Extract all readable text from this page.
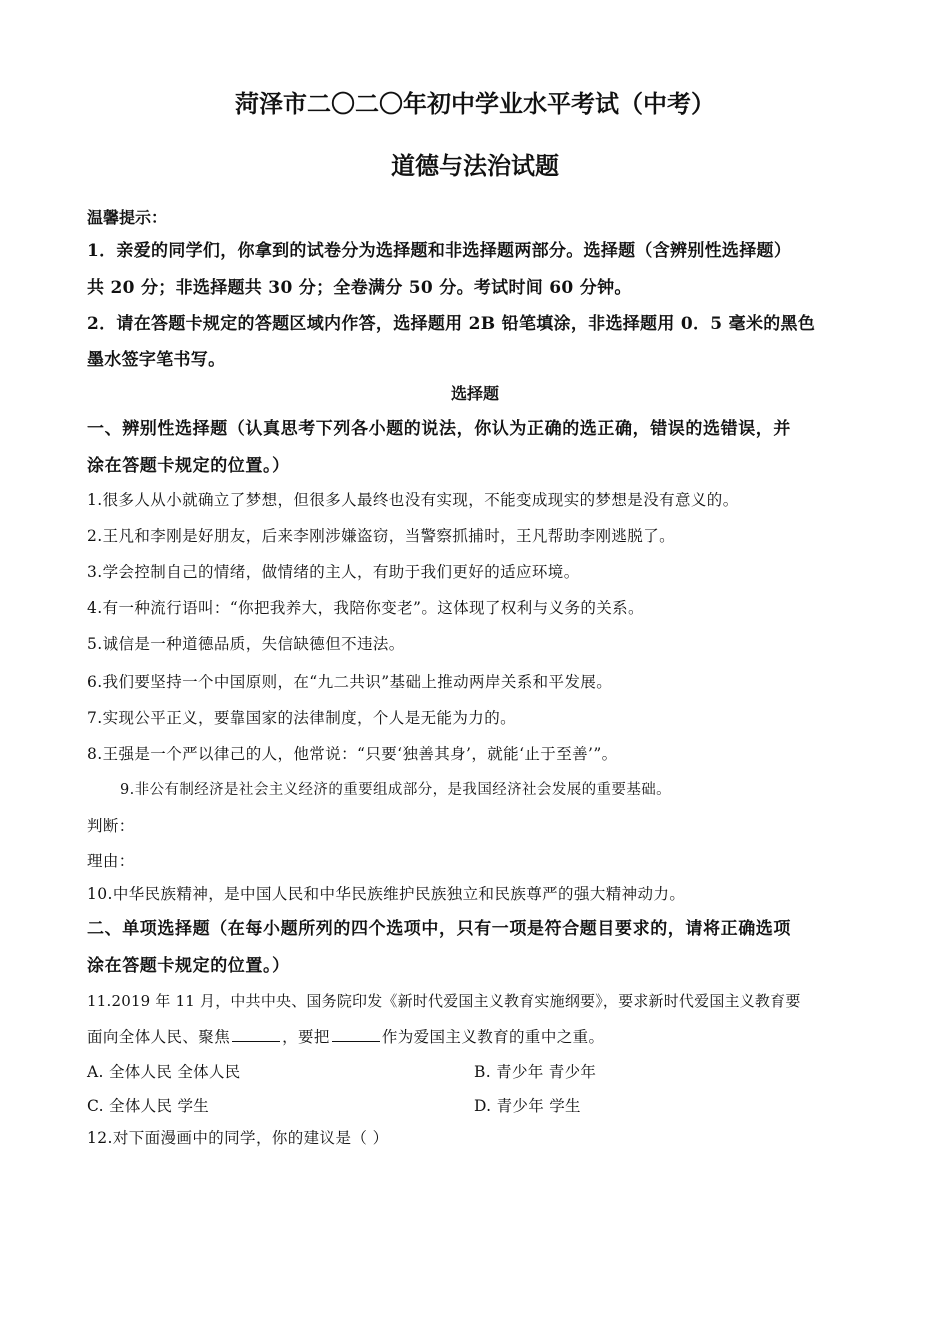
菏泽市二〇二〇年初中学业水平考试（中考）
道德与法治试题
温馨提示：
1．亲爱的同学们，你拿到的试卷分为选择题和非选择题两部分。选择题（含辨别性选择题）
共 20 分；非选择题共 30 分；全卷满分 50 分。考试时间 60 分钟。
2．请在答题卡规定的答题区域内作答，选择题用 2B 铅笔填涂，非选择题用 0．5 毫米的黑色
墨水签字笔书写。
选择题
一、辨别性选择题（认真思考下列各小题的说法，你认为正确的选正确，错误的选错误，并
涂在答题卡规定的位置。）
1.很多人从小就确立了梦想，但很多人最终也没有实现，不能变成现实的梦想是没有意义的。
2.王凡和李刚是好朋友，后来李刚涉嫌盗窃，当警察抓捕时，王凡帮助李刚逃脱了。
3.学会控制自己的情绪，做情绪的主人，有助于我们更好的适应环境。
4.有一种流行语叫：“你把我养大，我陪你变老”。这体现了权利与义务的关系。
5.诚信是一种道德品质，失信缺德但不违法。
6.我们要坚持一个中国原则，在“九二共识”基础上推动两岸关系和平发展。
7.实现公平正义，要靠国家的法律制度，个人是无能为力的。
8.王强是一个严以律己的人，他常说：“只要‘独善其身’，就能‘止于至善’”。
9.非公有制经济是社会主义经济的重要组成部分，是我国经济社会发展的重要基础。
判断：
理由：
10.中华民族精神，是中国人民和中华民族维护民族独立和民族尊严的强大精神动力。
二、单项选择题（在每小题所列的四个选项中，只有一项是符合题目要求的，请将正确选项
涂在答题卡规定的位置。）
11.2019 年 11 月，中共中央、国务院印发《新时代爱国主义教育实施纲要》，要求新时代爱国主义教育要
面向全体人民、聚焦	，要把	作为爱国主义教育的重中之重。
A. 全体人民 全体人民	B. 青少年 青少年
C. 全体人民 学生	D. 青少年 学生
12.对下面漫画中的同学，你的建议是（ ）
